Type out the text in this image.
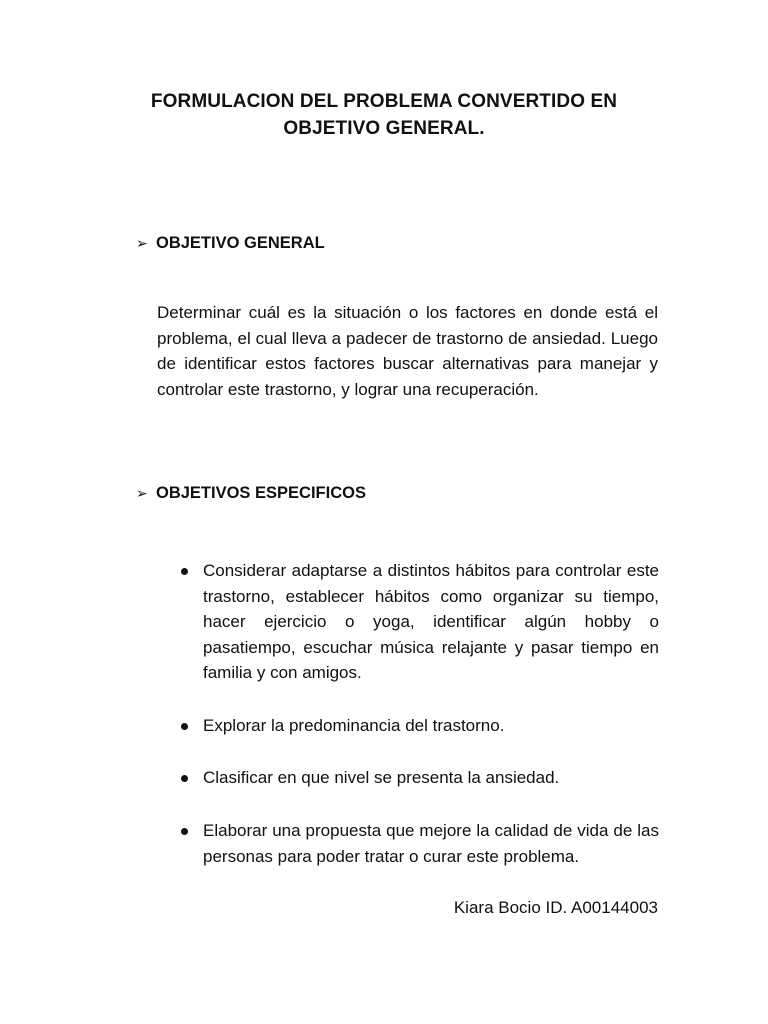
FORMULACION DEL PROBLEMA CONVERTIDO EN
OBJETIVO GENERAL.
➢ OBJETIVO GENERAL
Determinar cuál es la situación o los factores en donde está el problema, el cual lleva a padecer de trastorno de ansiedad. Luego de identificar estos factores buscar alternativas para manejar y controlar este trastorno, y lograr una recuperación.
➢ OBJETIVOS ESPECIFICOS
Considerar adaptarse a distintos hábitos para controlar este trastorno, establecer hábitos como organizar su tiempo, hacer ejercicio o yoga, identificar algún hobby o pasatiempo, escuchar música relajante y pasar tiempo en familia y con amigos.
Explorar la predominancia del trastorno.
Clasificar en que nivel se presenta la ansiedad.
Elaborar una propuesta que mejore la calidad de vida de las personas para poder tratar o curar este problema.
Kiara Bocio ID. A00144003
